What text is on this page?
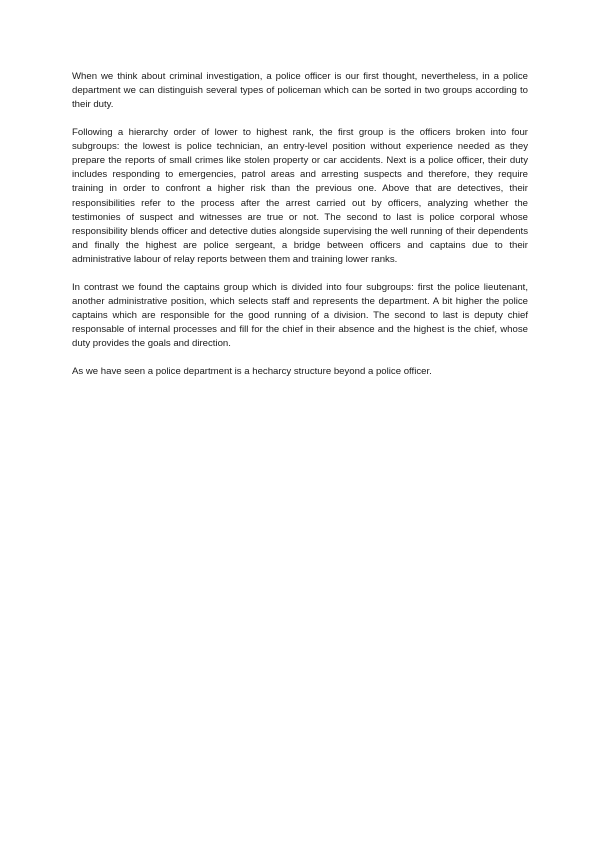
When we think about criminal investigation, a police officer is our first thought, nevertheless, in a police department we can distinguish several types of policeman which can be sorted in two groups according to their duty.

Following a hierarchy order of lower to highest rank, the first group is the officers broken into four subgroups: the lowest is police technician, an entry-level position without experience needed as they prepare the reports of small crimes like stolen property or car accidents. Next is a police officer, their duty includes responding to emergencies, patrol areas and arresting suspects and therefore, they require training in order to confront a higher risk than the previous one. Above that are detectives, their responsibilities refer to the process after the arrest carried out by officers, analyzing whether the testimonies of suspect and witnesses are true or not. The second to last is police corporal whose responsibility blends officer and detective duties alongside supervising the well running of their dependents and finally the highest are police sergeant, a bridge between officers and captains due to their administrative labour of relay reports between them and training lower ranks.

In contrast we found the captains group which is divided into four subgroups: first the police lieutenant, another administrative position, which selects staff and represents the department. A bit higher the police captains which are responsible for the good running of a division. The second to last is deputy chief responsable of internal processes and fill for the chief in their absence and the highest is the chief, whose duty provides the goals and direction.

As we have seen a police department is a hecharcy structure beyond a police officer.
